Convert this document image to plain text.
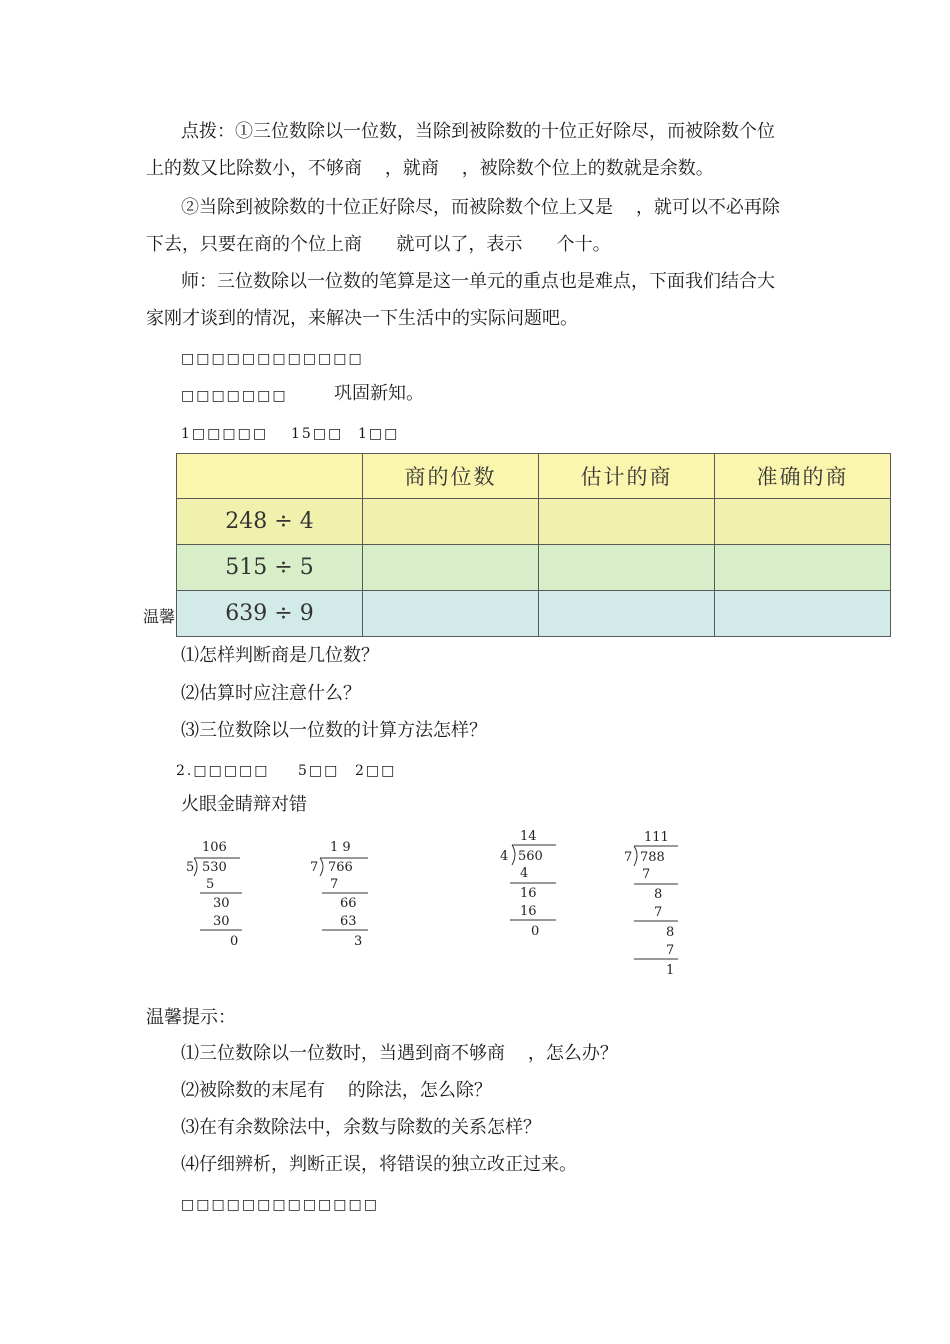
点拨：①三位数除以一位数，当除到被除数的十位正好除尽，而被除数个位
上的数又比除数小，不够商    ，就商    ，被除数个位上的数就是余数。
②当除到被除数的十位正好除尽，而被除数个位上又是    ，就可以不必再除
下去，只要在商的个位上商      就可以了，表示      个十。
师：三位数除以一位数的笔算是这一单元的重点也是难点，下面我们结合大
家刚才谈到的情况，来解决一下生活中的实际问题吧。
□□□□□□□□□□□□
□□□□□□□	巩固新知。
1□□□□□ 15□□ 1□□
温馨
	商的位数	估计的商	准确的商
248 ÷ 4			
515 ÷ 5			
639 ÷ 9			
⑴怎样判断商是几位数？
⑵估算时应注意什么？
⑶三位数除以一位数的计算方法怎样？
2.□□□□□ 5□□ 2□□
火眼金睛辩对错
106
5 530
5
30
30
0
1 9
7 766
7
66
63
3
14
4 560
4
16
16
0
111
7 788
7
8
7
8
7
1
温馨提示：
⑴三位数除以一位数时，当遇到商不够商    ，怎么办？
⑵被除数的末尾有    的除法，怎么除？
⑶在有余数除法中，余数与除数的关系怎样？
⑷仔细辨析，判断正误，将错误的独立改正过来。
□□□□□□□□□□□□□
